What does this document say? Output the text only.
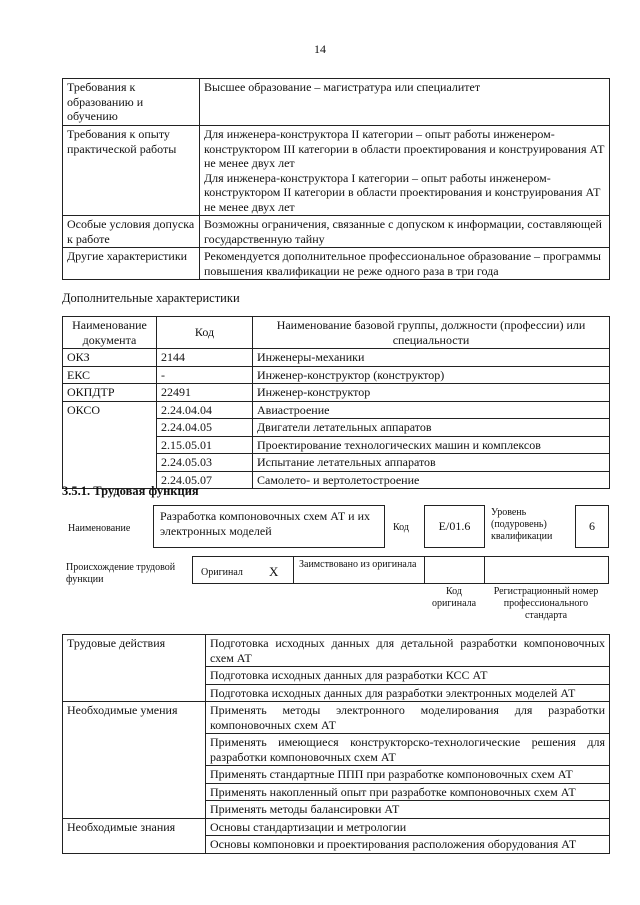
14
Требования к образованию и обучению	Высшее образование – магистратура или специалитет

Требования к опыту практической работы	Для инженера-конструктора II категории – опыт работы инженером-конструктором III категории в области проектирования и конструирования АТ не менее двух лет
Для инженера-конструктора I категории – опыт работы инженером-конструктором II категории в области проектирования и конструирования АТ не менее двух лет

Особые условия допуска к работе	Возможны ограничения, связанные с допуском к информации, составляющей государственную тайну

Другие характеристики	Рекомендуется дополнительное профессиональное образование – программы повышения квалификации не реже одного раза в три года
Дополнительные характеристики
Наименование документа	Код	Наименование базовой группы, должности (профессии) или специальности
ОКЗ	2144	Инженеры-механики
ЕКС	-	Инженер-конструктор (конструктор)
ОКПДТР	22491	Инженер-конструктор
ОКСО	2.24.04.04	Авиастроение
	2.24.04.05	Двигатели летательных аппаратов
	2.15.05.01	Проектирование технологических машин и комплексов
	2.24.05.03	Испытание летательных аппаратов
	2.24.05.07	Самолето- и вертолетостроение
3.5.1. Трудовая функция
Наименование
Разработка компоновочных схем АТ и их электронных моделей	Код	E/01.6
Уровень (подуровень) квалификации
6
Происхождение трудовой функции
Оригинал X Заимствовано из оригинала
Код оригинала
Регистрационный номер профессионального стандарта
Трудовые действия	Подготовка исходных данных для детальной разработки компоновочных схем АТ
	Подготовка исходных данных для разработки КСС АТ
	Подготовка исходных данных для разработки электронных моделей АТ
Необходимые умения	Применять методы электронного моделирования для разработки компоновочных схем АТ
	Применять имеющиеся конструкторско-технологические решения для разработки компоновочных схем АТ
	Применять стандартные ППП при разработке компоновочных схем АТ
	Применять накопленный опыт при разработке компоновочных схем АТ
	Применять методы балансировки АТ
Необходимые знания	Основы стандартизации и метрологии
	Основы компоновки и проектирования расположения оборудования АТ
